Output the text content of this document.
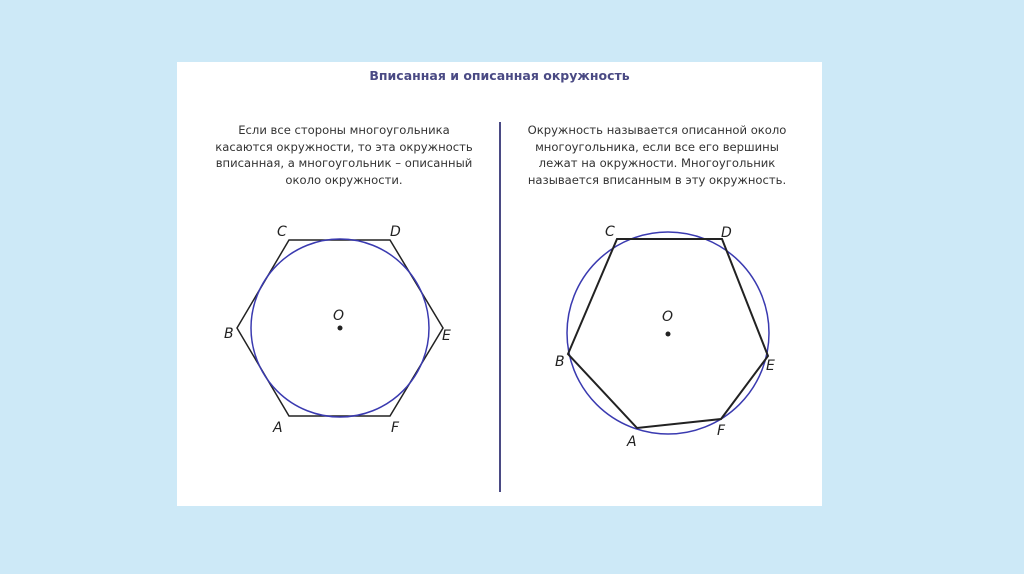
Вписанная и описанная окружность
Если все стороны многоугольника
касаются окружности, то эта окружность
вписанная, а многоугольник – описанный
около окружности.
Окружность называется описанной около
многоугольника, если все его вершины
лежат на окружности. Многоугольник
называется вписанным в эту окружность.
O
C	D
B	E
A	F
O
C	D
B	E
A
F
